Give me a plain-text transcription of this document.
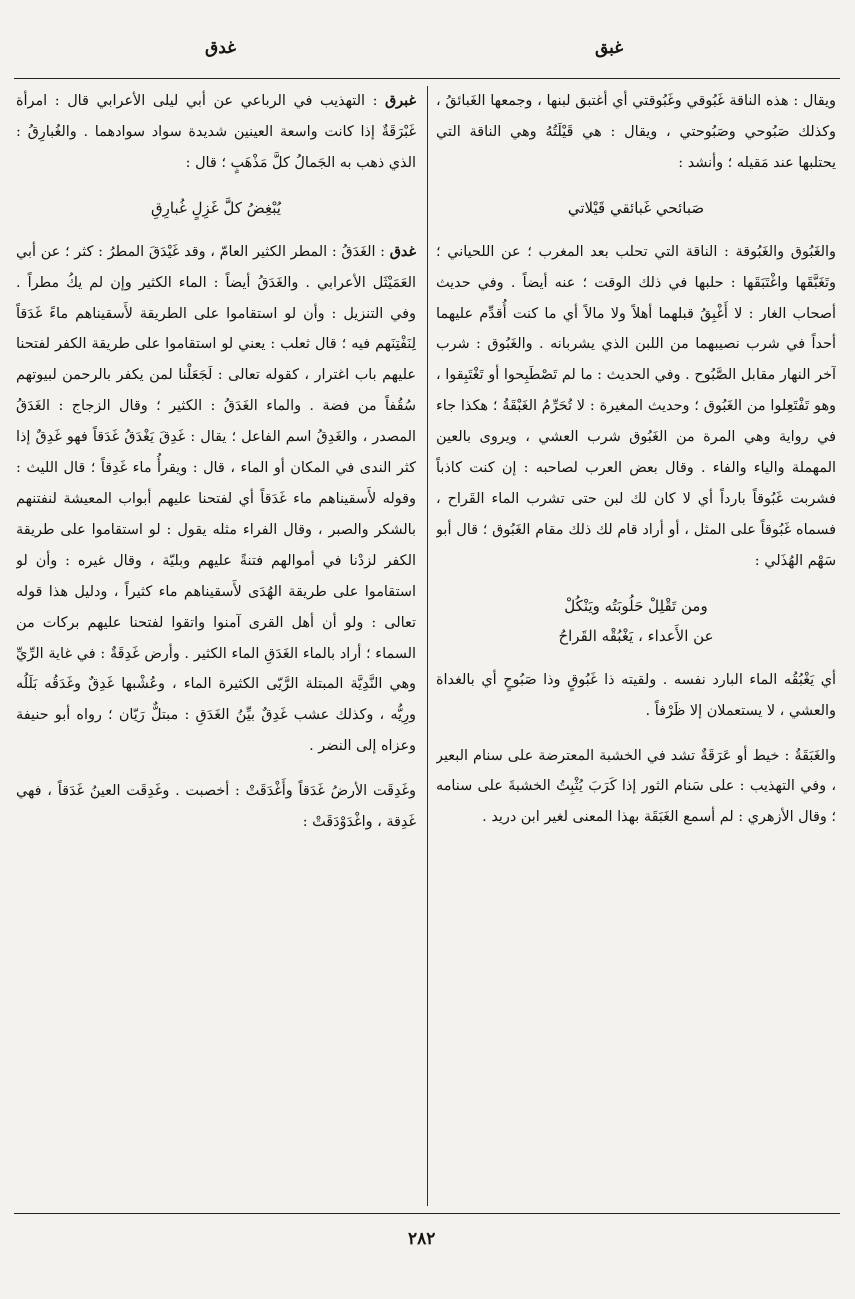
غبق
غدق

ويقال : هذه الناقة غَبُوقي وغَبُوقتي أي أغتبق لبنها ، وجمعها الغَبائقُ ، وكذلك صَبُوحي وصَبُوحتي ، ويقال : هي قَيْلَتُهُ وهي الناقة التي يحتلبها عند مَقيله ؛ وأنشد :

صَبائحي غَبائقي قَيْلاتي

والغَبُوق والغَبُوقة : الناقة التي تحلب بعد المغرب ؛ عن اللحياني ؛ وتَغَبَّقَها واغْتَبَقَها : حلبها في ذلك الوقت ؛ عنه أيضاً . وفي حديث أصحاب الغار : لا أَغْبِقُ قبلهما أهلاً ولا مالاً أي ما كنت أُقدِّم عليهما أحداً في شرب نصيبهما من اللبن الذي يشربانه . والغَبُوق : شرب آخر النهار مقابل الصَّبُوح . وفي الحديث : ما لم تَصْطَبِحوا أو تَغْتَبِقوا ، وهو تَفْتَعِلوا من الغَبُوق ؛ وحديث المغيرة : لا تُحَرِّمُ الغَبْقَةُ ؛ هكذا جاء في رواية وهي المرة من الغَبُوق شرب العشي ، ويروى بالعين المهملة والياء والفاء . وقال بعض العرب لصاحبه : إن كنت كاذباً فشربت غَبُوقاً بارداً أي لا كان لك لبن حتى تشرب الماء القَراح ، فسماه غَبُوقاً على المثل ، أو أراد قام لك ذلك مقام الغَبُوق ؛ قال أبو سَهْم الهُذَلي :

ومن تَقْلِلْ حَلُوبَتُه ويَنْكُلْ
عن الأَعداء ، يَغْبُقْه القَراحُ

أي يَغْبُقُه الماء البارد نفسه . ولقيته ذا غَبُوقٍ وذا صَبُوحٍ أي بالغداة والعشي ، لا يستعملان إلا ظَرْفاً .

والغَبَقَةُ : خيط أو عَرَقَةٌ تشد في الخشبة المعترضة على سنام البعير ، وفي التهذيب : على سَنام الثور إذا كَرَبَ يُثْبِتُ الخشبةَ على سنامه ؛ وقال الأزهري : لم أسمع الغَبَقَة بهذا المعنى لغير ابن دريد .

غبرق : التهذيب في الرباعي عن أبي ليلى الأعرابي قال : امرأة غَبْرَقَةٌ إذا كانت واسعة العينين شديدة سواد سوادهما . والغُبارِقُ : الذي ذهب به الجَمالُ كلَّ مَذْهَبٍ ؛ قال :

يُبْغِضُ كلَّ غَزِلٍ غُبارِقِ

غدق : الغَدَقُ : المطر الكثير العامّ ، وقد غَيْدَقَ المطرُ : كثر ؛ عن أبي العَمَيْثَل الأعرابي . والغَدَقُ أيضاً : الماء الكثير وإن لم يكُ مطراً . وفي التنزيل : وأن لو استقاموا على الطريقة لأَسقيناهم ماءً غَدَقاً لِنَفْتِنَهم فيه ؛ قال ثعلب : يعني لو استقاموا على طريقة الكفر لفتحنا عليهم باب اغترار ، كقوله تعالى : لَجَعَلْنا لمن يكفر بالرحمن لبيوتهم سُقُفاً من فضة . والماء الغَدَقُ : الكثير ؛ وقال الزجاج : الغَدَقُ المصدر ، والغَدِقُ اسم الفاعل ؛ يقال : غَدِقَ يَغْدَقُ غَدَقاً فهو غَدِقٌ إذا كثر الندى في المكان أو الماء ، قال : ويقرأُ ماء غَدِقاً ؛ قال الليث : وقوله لأَسقيناهم ماء غَدَقاً أي لفتحنا عليهم أبواب المعيشة لنفتنهم بالشكر والصبر ، وقال الفراء مثله يقول : لو استقاموا على طريقة الكفر لزدْنا في أموالهم فتنةً عليهم وبليّة ، وقال غيره : وأن لو استقاموا على طريقة الهُدَى لأَسقيناهم ماء كثيراً ، ودليل هذا قوله تعالى : ولو أن أهل القرى آمنوا واتقوا لفتحنا عليهم بركات من السماء ؛ أراد بالماء الغَدَقِ الماء الكثير . وأرض غَدِقَةٌ : في غاية الرِّيِّ وهي النَّدِيَّة المبتلة الرَّيّى الكثيرة الماء ، وعُشْبها غَدِقٌ وغَدَقُه بَلَلُه ورِيُّه ، وكذلك عشب غَدِقٌ بيِّنُ الغَدَقِ : مبتلٌّ رَيّان ؛ رواه أبو حنيفة وعزاه إلى النضر .

وغَدِقَت الأرضُ غَدَقاً وأَغْدَقَتْ : أخصبت . وغَدِقَت العينُ غَدَقاً ، فهي غَدِقة ، واغْدَوْدَقَتْ :

٢٨٢
